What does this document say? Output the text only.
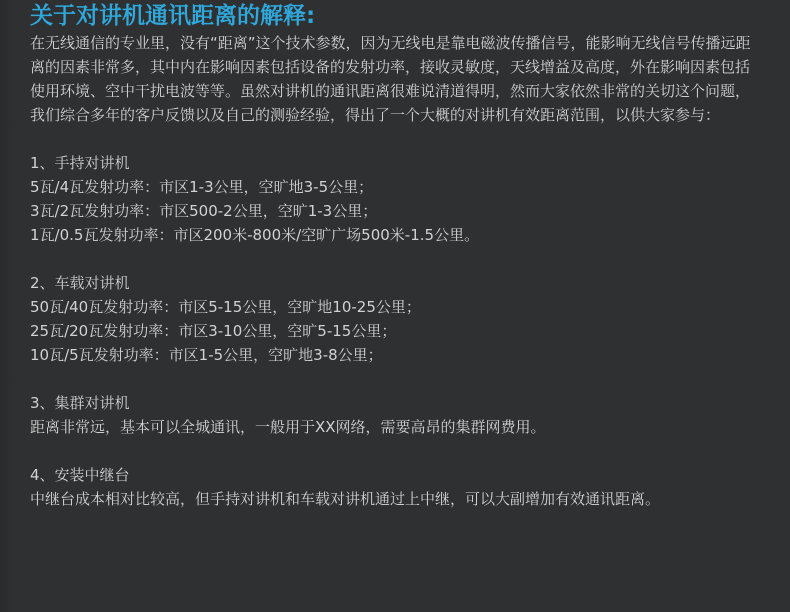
关于对讲机通讯距离的解释:

在无线通信的专业里，没有“距离”这个技术参数，因为无线电是靠电磁波传播信号，能影响无线信号传播远距离的因素非常多，其中内在影响因素包括设备的发射功率，接收灵敏度，天线增益及高度，外在影响因素包括使用环境、空中干扰电波等等。虽然对讲机的通讯距离很难说清道得明，然而大家依然非常的关切这个问题，我们综合多年的客户反馈以及自己的测验经验，得出了一个大概的对讲机有效距离范围，以供大家参与：

1、手持对讲机

5瓦/4瓦发射功率：市区1-3公里，空旷地3-5公里；

3瓦/2瓦发射功率：市区500-2公里，空旷1-3公里；

1瓦/0.5瓦发射功率：市区200米-800米/空旷广场500米-1.5公里。

2、车载对讲机

50瓦/40瓦发射功率：市区5-15公里，空旷地10-25公里；

25瓦/20瓦发射功率：市区3-10公里，空旷5-15公里；

10瓦/5瓦发射功率：市区1-5公里，空旷地3-8公里；

3、集群对讲机

距离非常远，基本可以全城通讯，一般用于XX网络，需要高昂的集群网费用。

4、安装中继台

中继台成本相对比较高，但手持对讲机和车载对讲机通过上中继，可以大副增加有效通讯距离。
